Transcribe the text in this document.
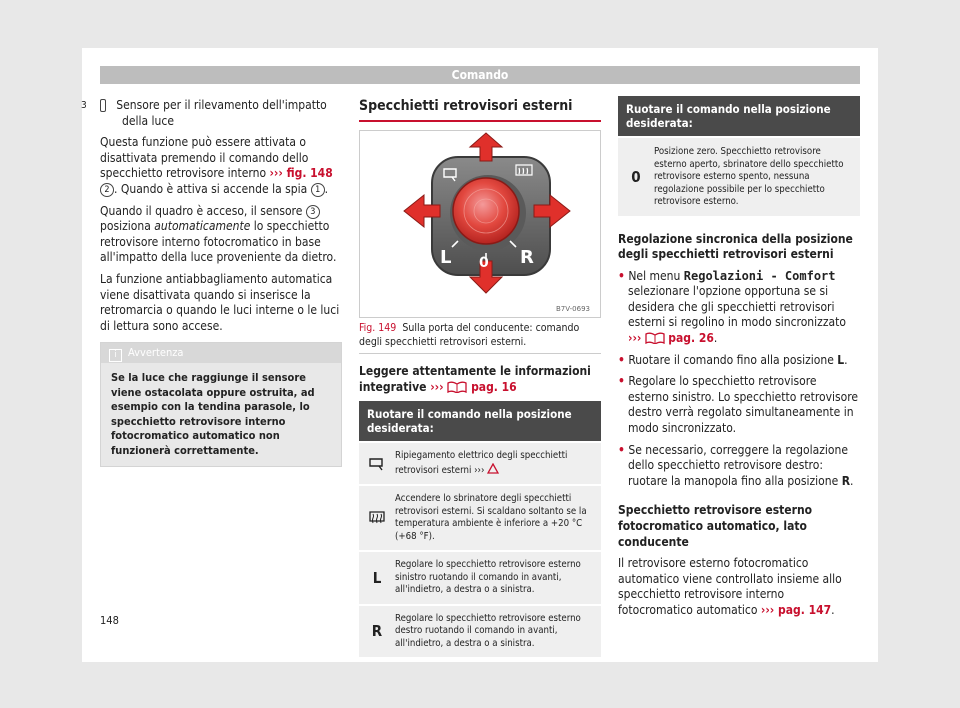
Comando

3 Sensore per il rilevamento dell'impatto della luce

Questa funzione può essere attivata o disattivata premendo il comando dello specchietto retrovisore interno ››› fig. 148 2 . Quando è attiva si accende la spia 1 .

Quando il quadro è acceso, il sensore 3 posiziona automaticamente lo specchietto retrovisore interno fotocromatico in base all'impatto della luce proveniente da dietro.

La funzione antiabbagliamento automatica viene disattivata quando si inserisce la retromarcia o quando le luci interne o le luci di lettura sono accese.

i Avvertenza
Se la luce che raggiunge il sensore viene ostacolata oppure ostruita, ad esempio con la tendina parasole, lo specchietto retrovisore interno fotocromatico automatico non funzionerà correttamente.
Specchietti retrovisori esterni
L 0 R
B7V-0693
Fig. 149 Sulla porta del conducente: comando degli specchietti retrovisori esterni.

Leggere attentamente le informazioni integrative ››› pag. 16

Ruotare il comando nella posizione desiderata:
Ripiegamento elettrico degli specchietti retrovisori esterni ›››
Accendere lo sbrinatore degli specchietti retrovisori esterni. Si scaldano soltanto se la temperatura ambiente è inferiore a +20 °C (+68 °F).
L
Regolare lo specchietto retrovisore esterno sinistro ruotando il comando in avanti, all'indietro, a destra o a sinistra.
R
Regolare lo specchietto retrovisore esterno destro ruotando il comando in avanti, all'indietro, a destra o a sinistra.
Ruotare il comando nella posizione desiderata:
0
Posizione zero. Specchietto retrovisore esterno aperto, sbrinatore dello specchietto retrovisore esterno spento, nessuna regolazione possibile per lo specchietto retrovisore esterno.

Regolazione sincronica della posizione degli specchietti retrovisori esterni

• Nel menu Regolazioni - Comfort selezionare l'opzione opportuna se si desidera che gli specchietti retrovisori esterni si regolino in modo sincronizzato ››› pag. 26.

• Ruotare il comando fino alla posizione L.

• Regolare lo specchietto retrovisore esterno sinistro. Lo specchietto retrovisore destro verrà regolato simultaneamente in modo sincronizzato.

• Se necessario, correggere la regolazione dello specchietto retrovisore destro: ruotare la manopola fino alla posizione R.

Specchietto retrovisore esterno fotocromatico automatico, lato conducente

Il retrovisore esterno fotocromatico automatico viene controllato insieme allo specchietto retrovisore interno fotocromatico automatico ››› pag. 147.

148
